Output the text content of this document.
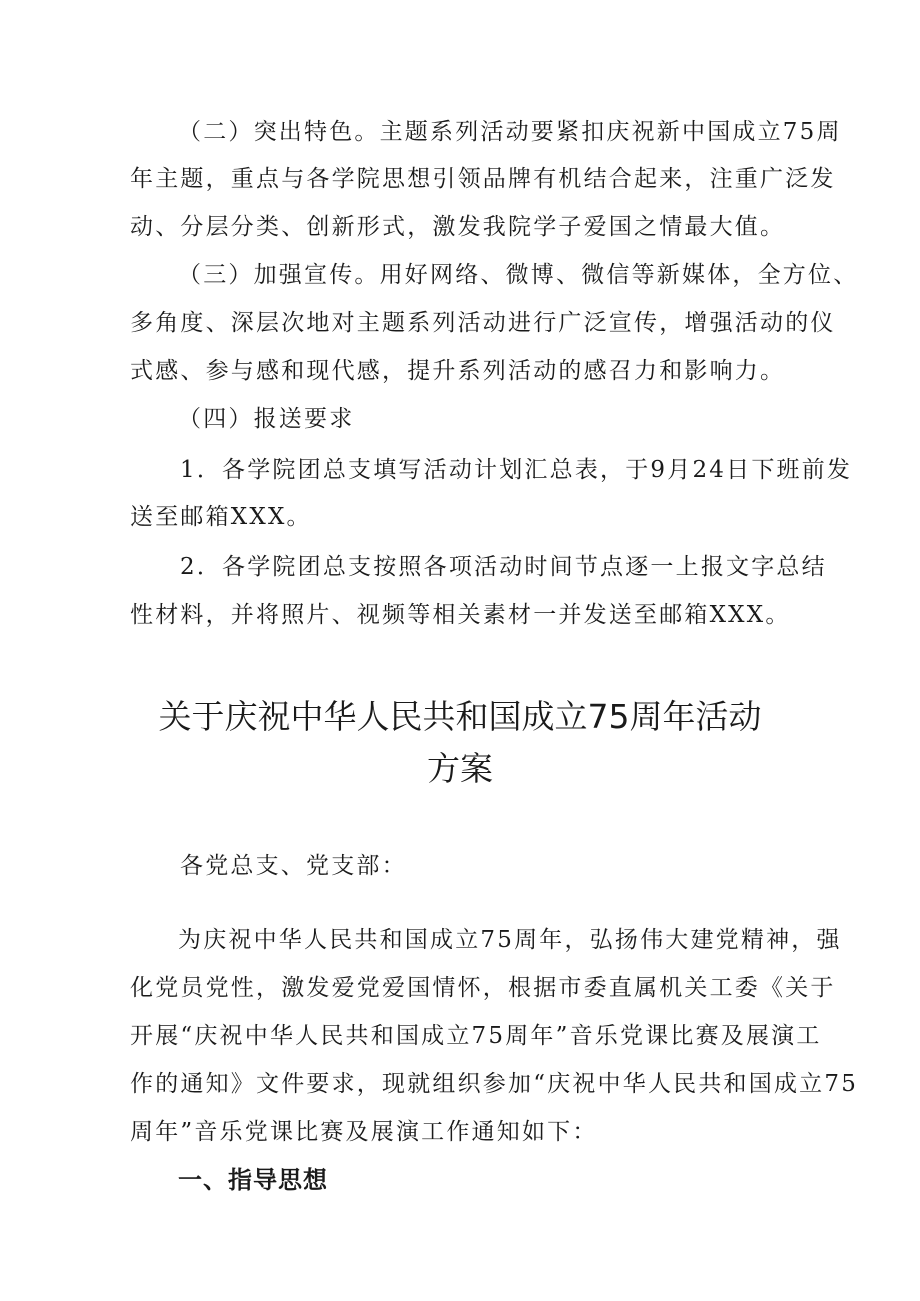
（二）突出特色。主题系列活动要紧扣庆祝新中国成立75周
年主题，重点与各学院思想引领品牌有机结合起来，注重广泛发
动、分层分类、创新形式，激发我院学子爱国之情最大值。
（三）加强宣传。用好网络、微博、微信等新媒体，全方位、
多角度、深层次地对主题系列活动进行广泛宣传，增强活动的仪
式感、参与感和现代感，提升系列活动的感召力和影响力。
（四）报送要求
1．各学院团总支填写活动计划汇总表，于9月24日下班前发
送至邮箱XXX。
2．各学院团总支按照各项活动时间节点逐一上报文字总结
性材料，并将照片、视频等相关素材一并发送至邮箱XXX。
关于庆祝中华人民共和国成立75周年活动
方案
各党总支、党支部：
为庆祝中华人民共和国成立75周年，弘扬伟大建党精神，强
化党员党性，激发爱党爱国情怀，根据市委直属机关工委《关于
开展“庆祝中华人民共和国成立75周年”音乐党课比赛及展演工
作的通知》文件要求，现就组织参加“庆祝中华人民共和国成立75
周年”音乐党课比赛及展演工作通知如下：
一、指导思想
